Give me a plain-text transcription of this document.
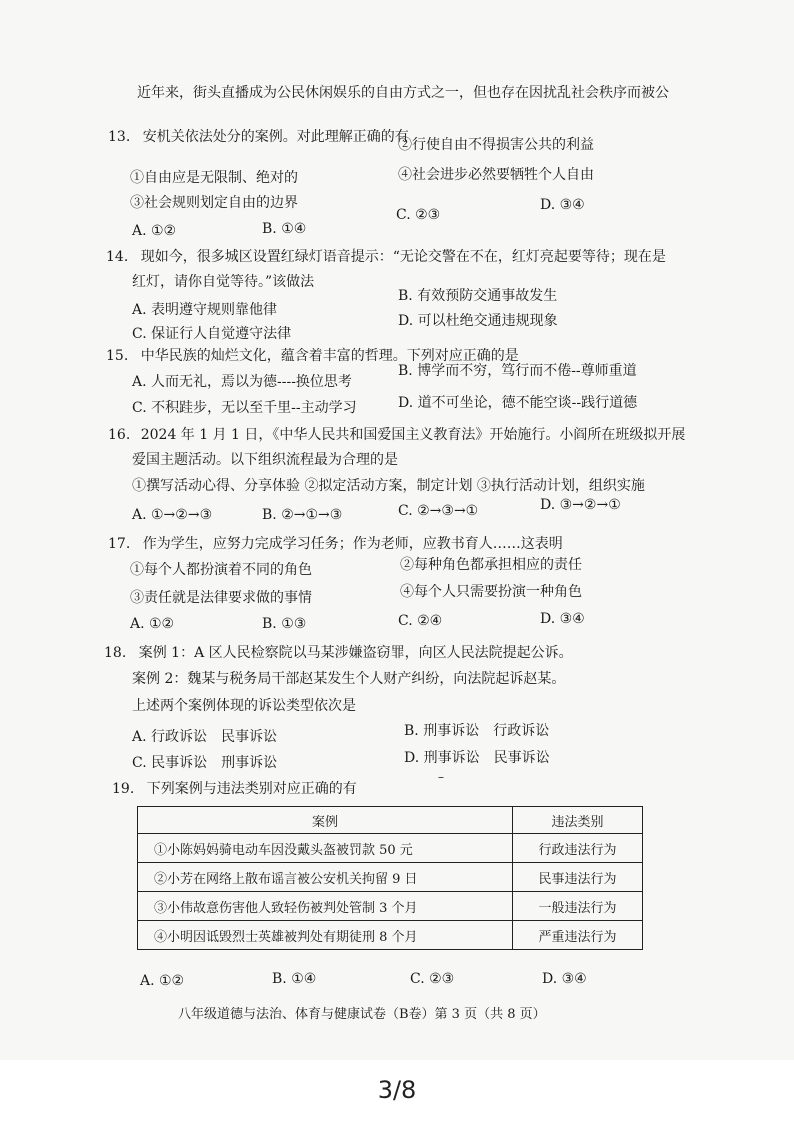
近年来，街头直播成为公民休闲娱乐的自由方式之一，但也存在因扰乱社会秩序而被公
13. 安机关依法处分的案例。对此理解正确的有
②行使自由不得损害公共的利益
①自由应是无限制、绝对的	④社会进步必然要牺牲个人自由
③社会规则划定自由的边界
A. ①②	B. ①④
C. ②③
D. ③④
14. 现如今，很多城区设置红绿灯语音提示：“无论交警在不在，红灯亮起要等待；现在是
红灯，请你自觉等待。”该做法
A. 表明遵守规则靠他律
B. 有效预防交通事故发生
C. 保证行人自觉遵守法律
D. 可以杜绝交通违规现象
15. 中华民族的灿烂文化，蕴含着丰富的哲理。下列对应正确的是
A. 人而无礼，焉以为德----换位思考
B. 博学而不穷，笃行而不倦--尊师重道
C. 不积跬步，无以至千里--主动学习	D. 道不可坐论，德不能空谈--践行道德
16. 2024 年 1 月 1 日，《中华人民共和国爱国主义教育法》开始施行。小阎所在班级拟开展
爱国主题活动。以下组织流程最为合理的是
①撰写活动心得、分享体验 ②拟定活动方案，制定计划 ③执行活动计划，组织实施
A. ①→②→③	B. ②→①→③	C. ②→③→①	D. ③→②→①
17. 作为学生，应努力完成学习任务；作为老师，应教书育人……这表明
①每个人都扮演着不同的角色	②每种角色都承担相应的责任
③责任就是法律要求做的事情	④每个人只需要扮演一种角色
A. ①②	B. ①③	C. ②④	D. ③④
18. 案例 1：A 区人民检察院以马某涉嫌盗窃罪，向区人民法院提起公诉。
案例 2：魏某与税务局干部赵某发生个人财产纠纷，向法院起诉赵某。
上述两个案例体现的诉讼类型依次是
A. 行政诉讼　民事诉讼	B. 刑事诉讼　行政诉讼
C. 民事诉讼　刑事诉讼	D. 刑事诉讼　民事诉讼
–
19. 下列案例与违法类别对应正确的有
案例	违法类别
①小陈妈妈骑电动车因没戴头盔被罚款 50 元	行政违法行为
②小芳在网络上散布谣言被公安机关拘留 9 日	民事违法行为
③小伟故意伤害他人致轻伤被判处管制 3 个月	一般违法行为
④小明因诋毁烈士英雄被判处有期徒刑 8 个月	严重违法行为
A. ①②	B. ①④	C. ②③	D. ③④
八年级道德与法治、体育与健康试卷（B卷）第 3 页（共 8 页）
3/8
